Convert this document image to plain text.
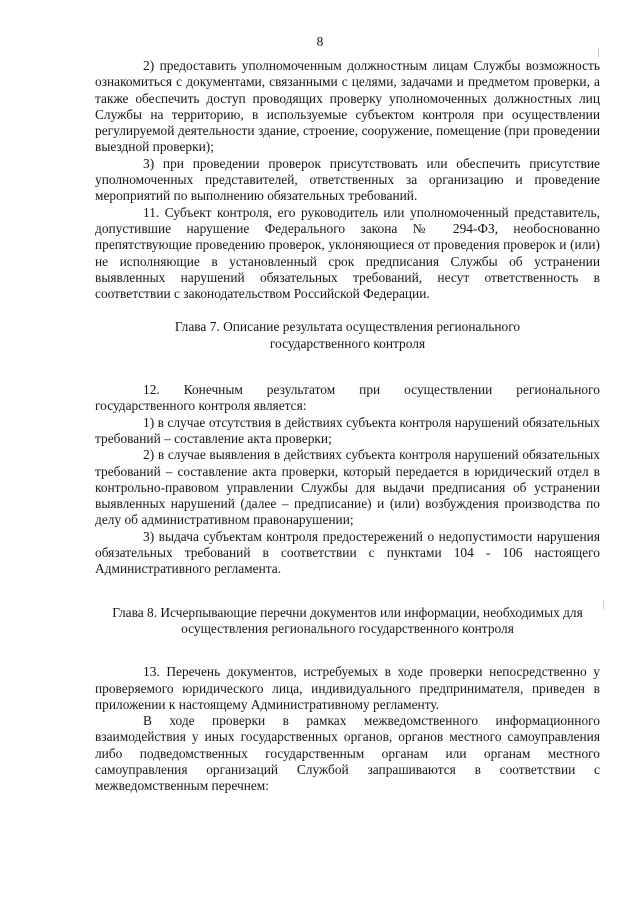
8

2) предоставить уполномоченным должностным лицам Службы возможность ознакомиться с документами, связанными с целями, задачами и предметом проверки, а также обеспечить доступ проводящих проверку уполномоченных должностных лиц Службы на территорию, в используемые субъектом контроля при осуществлении регулируемой деятельности здание, строение, сооружение, помещение (при проведении выездной проверки);

3) при проведении проверок присутствовать или обеспечить присутствие уполномоченных представителей, ответственных за организацию и проведение мероприятий по выполнению обязательных требований.

11. Субъект контроля, его руководитель или уполномоченный представитель, допустившие нарушение Федерального закона № 294-ФЗ, необоснованно препятствующие проведению проверок, уклоняющиеся от проведения проверок и (или) не исполняющие в установленный срок предписания Службы об устранении выявленных нарушений обязательных требований, несут ответственность в соответствии с законодательством Российской Федерации.

Глава 7. Описание результата осуществления регионального государственного контроля

12. Конечным результатом при осуществлении регионального государственного контроля является:

1) в случае отсутствия в действиях субъекта контроля нарушений обязательных требований – составление акта проверки;

2) в случае выявления в действиях субъекта контроля нарушений обязательных требований – составление акта проверки, который передается в юридический отдел в контрольно-правовом управлении Службы для выдачи предписания об устранении выявленных нарушений (далее – предписание) и (или) возбуждения производства по делу об административном правонарушении;

3) выдача субъектам контроля предостережений о недопустимости нарушения обязательных требований в соответствии с пунктами 104 - 106 настоящего Административного регламента.

Глава 8. Исчерпывающие перечни документов или информации, необходимых для осуществления регионального государственного контроля

13. Перечень документов, истребуемых в ходе проверки непосредственно у проверяемого юридического лица, индивидуального предпринимателя, приведен в приложении к настоящему Административному регламенту.

В ходе проверки в рамках межведомственного информационного взаимодействия у иных государственных органов, органов местного самоуправления либо подведомственных государственным органам или органам местного самоуправления организаций Службой запрашиваются в соответствии с межведомственным перечнем:
